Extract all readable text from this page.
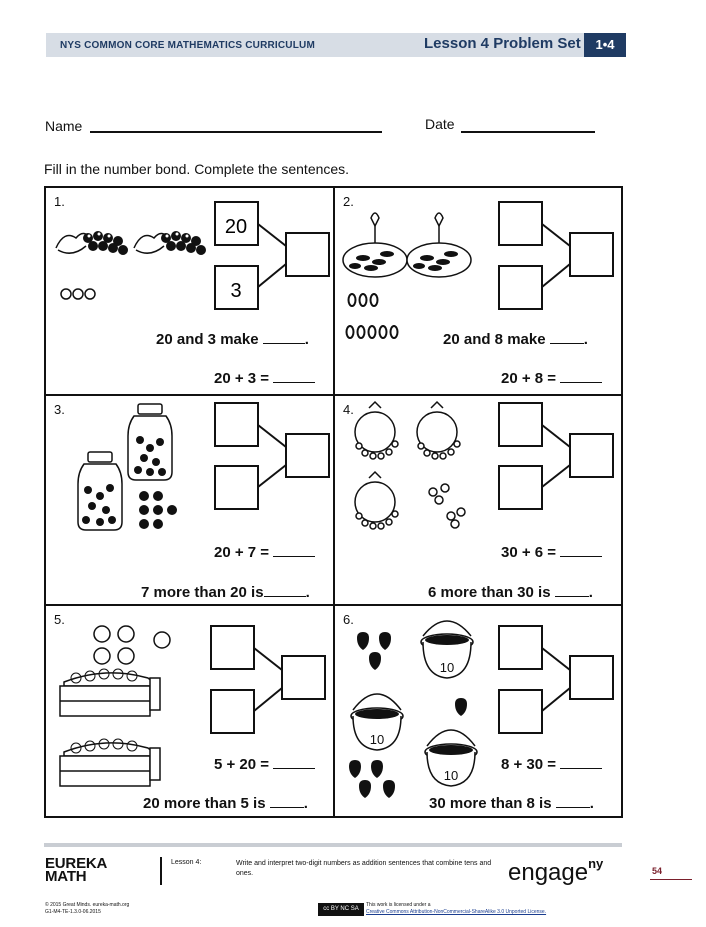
NYS COMMON CORE MATHEMATICS CURRICULUM	Lesson 4 Problem Set	1•4
Name	Date
Fill in the number bond. Complete the sentences.
1.
20
3
20 and 3 make	.
20 + 3 =
2.
20 and 8 make	.
20 + 8 =
3.
20 + 7 =
7 more than 20 is	.
4.
30 + 6 =
6 more than 30 is	.
5.
5 + 20 =
20 more than 5 is	.
6.
10
10
10
8 + 30 =
30 more than 8 is	.
EUREKA
MATH
Lesson 4:	Write and interpret two-digit numbers as addition sentences that combine tens and ones.	engage$^{ny}$	54
© 2015 Great Minds. eureka-math.org
G1-M4-TE-1.3.0-06.2015	cc BY NC SA
This work is licensed under a
Creative Commons Attribution-NonCommercial-ShareAlike 3.0 Unported License.
